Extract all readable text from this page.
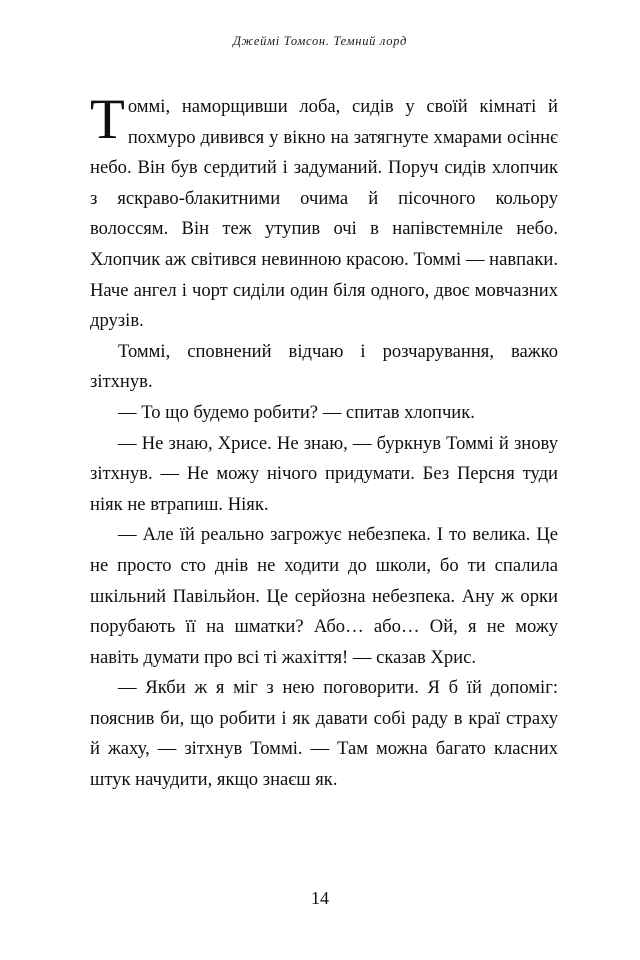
Джеймі Томсон. Темний лорд

Томмі, наморщивши лоба, сидів у своїй кімнаті й похмуро дивився у вікно на затягнуте хмарами осіннє небо. Він був сердитий і задуманий. Поруч сидів хлопчик з яскраво-блакитними очима й пісочного кольору волоссям. Він теж утупив очі в напівстемніле небо. Хлопчик аж світився невинною красою. Томмі — навпаки. Наче ангел і чорт сиділи один біля одного, двоє мовчазних друзів.

Томмі, сповнений відчаю і розчарування, важко зітхнув.

— То що будемо робити? — спитав хлопчик.

— Не знаю, Хрисе. Не знаю, — буркнув Томмі й знову зітхнув. — Не можу нічого придумати. Без Персня туди ніяк не втрапиш. Ніяк.

— Але їй реально загрожує небезпека. І то велика. Це не просто сто днів не ходити до школи, бо ти спалила шкільний Павільйон. Це серйозна небезпека. Ану ж орки порубають її на шматки? Або… або… Ой, я не можу навіть думати про всі ті жахіття! — сказав Хрис.

— Якби ж я міг з нею поговорити. Я б їй допоміг: пояснив би, що робити і як давати собі раду в краї страху й жаху, — зітхнув Томмі. — Там можна багато класних штук начудити, якщо знаєш як.

14
